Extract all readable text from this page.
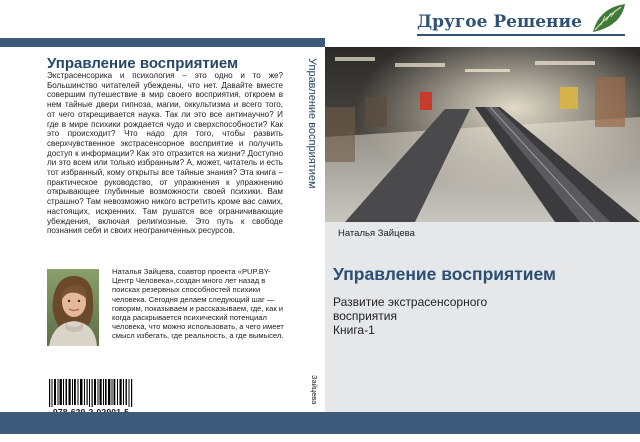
Управление восприятием
Экстрасенсорика и психология – это одно и то же? Большинство читателей убеждены, что нет. Давайте вместе совершим путешествие в мир своего восприятия, откроем в нем тайные двери гипноза, магии, оккультизма и всего того, от чего открещивается наука. Так ли это все антинаучно? И где в мире психики рождается чудо и сверхспособности? Как это происходит? Что надо для того, чтобы развить сверхчувственное экстрасенсорное восприятие и получить доступ к информации? Как это отразится на жизни? Доступно ли это всем или только избранным? А, может, читатель и есть тот избранный, кому открыты все тайные знания? Эта книга – практическое руководство, от упражнения к упражнению открывающее глубинные возможности своей психики. Вам страшно? Там невозможно никого встретить кроме вас самих, настоящих, искренних. Там рушатся все ограничивающие убеждения, включая религиозные. Это путь к свободе познания себя и своих неограниченных ресурсов.
Наталья Зайцева, соавтор проекта «PUP.BY-Центр Человека»,создан много лет назад в поисках резервных способностей психики человека. Сегодня делаем следующий шаг — говорим, показываем и рассказываем, где, как и когда раскрывается психический потенциал человека, что можно использовать, а чего имеет смысл избегать, где реальность, а где вымысел.
Управление восприятием
Зайцева
Другое Решение
Наталья Зайцева
Управление восприятием
Развитие экстрасенсорного
восприятия
Книга-1
